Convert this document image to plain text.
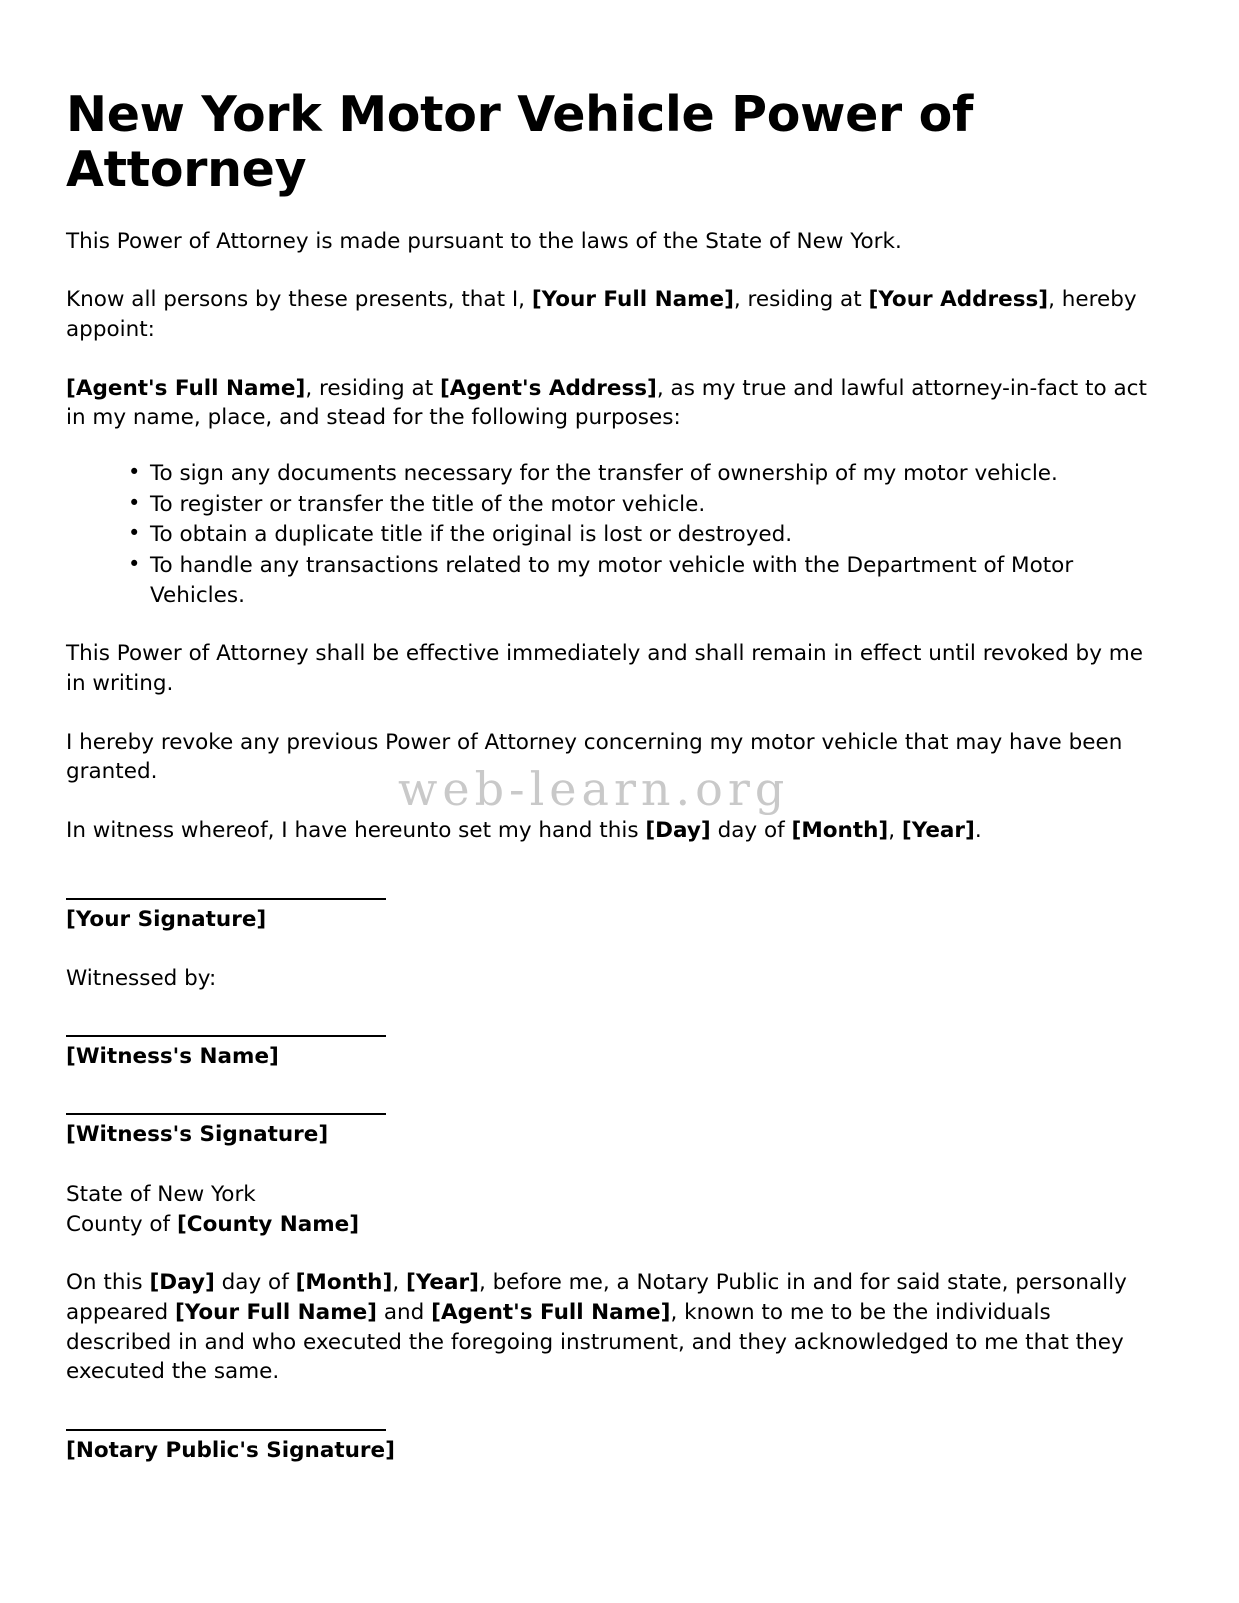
web-learn.org
New York Motor Vehicle Power of Attorney

This Power of Attorney is made pursuant to the laws of the State of New York.

Know all persons by these presents, that I, [Your Full Name], residing at [Your Address], hereby appoint:

[Agent's Full Name], residing at [Agent's Address], as my true and lawful attorney-in-fact to act in my name, place, and stead for the following purposes:

• To sign any documents necessary for the transfer of ownership of my motor vehicle.
• To register or transfer the title of the motor vehicle.
• To obtain a duplicate title if the original is lost or destroyed.
• To handle any transactions related to my motor vehicle with the Department of Motor Vehicles.

This Power of Attorney shall be effective immediately and shall remain in effect until revoked by me in writing.

I hereby revoke any previous Power of Attorney concerning my motor vehicle that may have been granted.

In witness whereof, I have hereunto set my hand this [Day] day of [Month], [Year].

[Your Signature]

Witnessed by:

[Witness's Name]
[Witness's Signature]
State of New York
County of [County Name]

On this [Day] day of [Month], [Year], before me, a Notary Public in and for said state, personally appeared [Your Full Name] and [Agent's Full Name], known to me to be the individuals described in and who executed the foregoing instrument, and they acknowledged to me that they executed the same.

[Notary Public's Signature]
